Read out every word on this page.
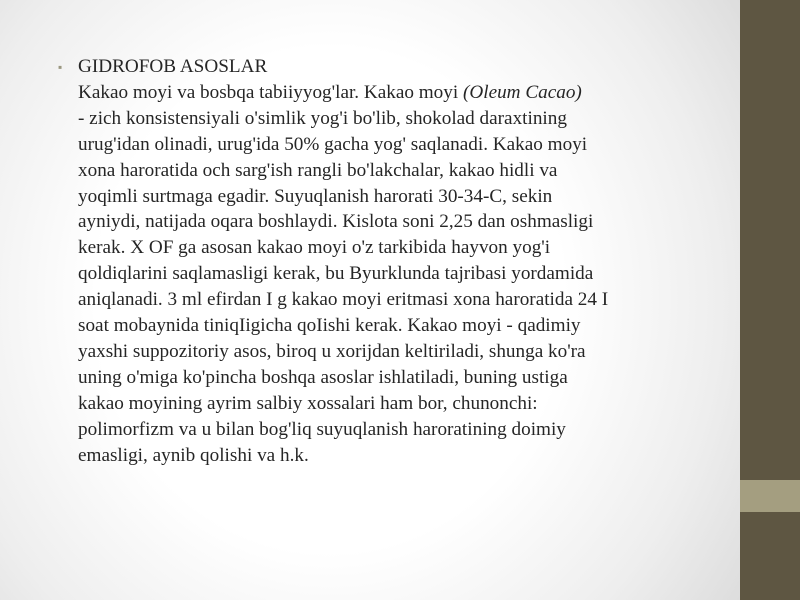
▪ GIDROFOB ASOSLAR
Kakao moyi va bosbqa tabiiyyog'lar. Kakao moyi (Oleum Cacao)
- zich konsistensiyali o'simlik yog'i bo'lib, shokolad daraxtining
urug'idan olinadi, urug'ida 50% gacha yog' saqlanadi. Kakao moyi
xona haroratida och sarg'ish rangli bo'lakchalar, kakao hidli va
yoqimli surtmaga egadir. Suyuqlanish harorati 30-34-C, sekin
ayniydi, natijada oqara boshlaydi. Kislota soni 2,25 dan oshmasligi
kerak. X OF ga asosan kakao moyi o'z tarkibida hayvon yog'i
qoldiqlarini saqlamasligi kerak, bu Byurklunda tajribasi yordamida
aniqlanadi. 3 ml efirdan I g kakao moyi eritmasi xona haroratida 24 I
soat mobaynida tiniqIigicha qoIishi kerak. Kakao moyi - qadimiy
yaxshi suppozitoriy asos, biroq u xorijdan keltiriladi, shunga ko'ra
uning o'miga ko'pincha boshqa asoslar ishlatiladi, buning ustiga
kakao moyining ayrim salbiy xossalari ham bor, chunonchi:
polimorfizm va u bilan bog'liq suyuqlanish haroratining doimiy
emasligi, aynib qolishi va h.k.
